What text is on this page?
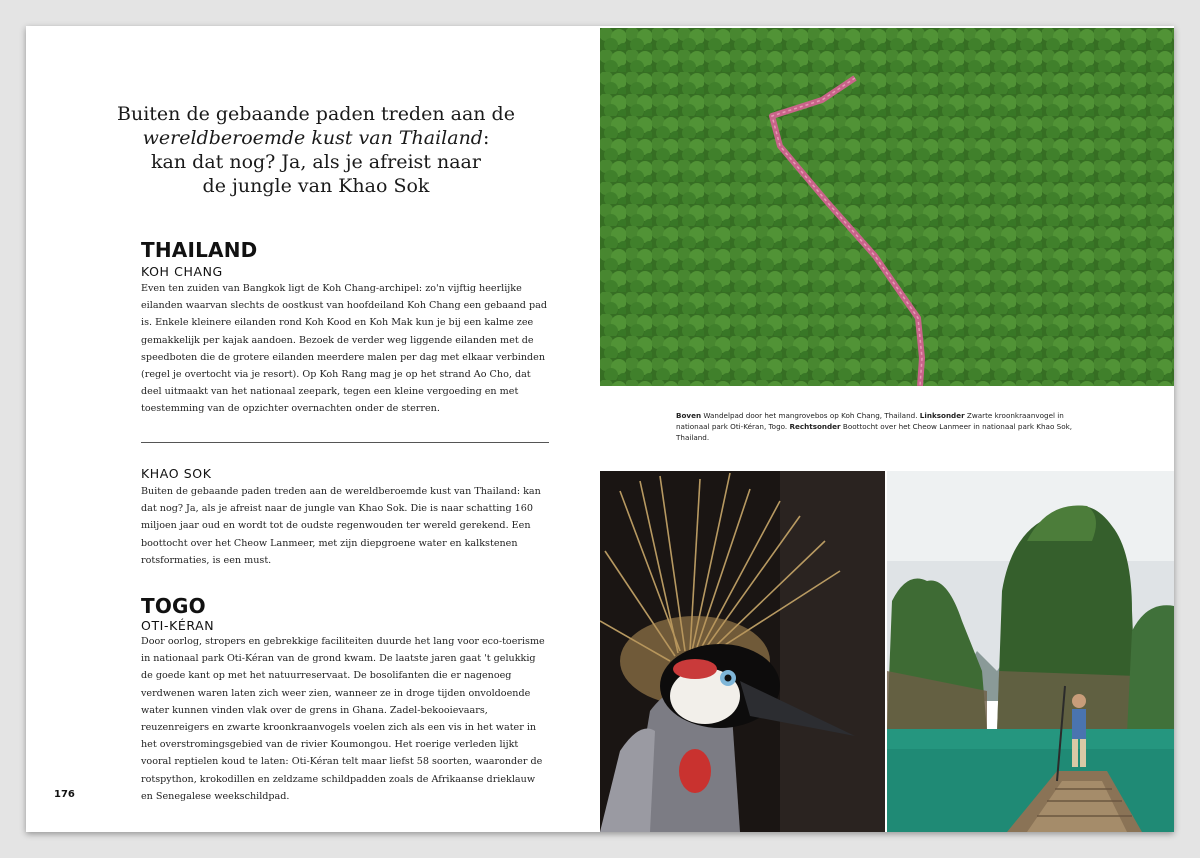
Buiten de gebaande paden treden aan de
wereldberoemde kust van Thailand:
kan dat nog? Ja, als je afreist naar
de jungle van Khao Sok
THAILAND
KOH CHANG

Even ten zuiden van Bangkok ligt de Koh Chang-archipel: zo'n vijftig heerlijke eilanden waarvan slechts de oostkust van hoofdeiland Koh Chang een gebaand pad is. Enkele kleinere eilanden rond Koh Kood en Koh Mak kun je bij een kalme zee gemakkelijk per kajak aandoen. Bezoek de verder weg liggende eilanden met de speedboten die de grotere eilanden meerdere malen per dag met elkaar verbinden (regel je overtocht via je resort). Op Koh Rang mag je op het strand Ao Cho, dat deel uitmaakt van het nationaal zeepark, tegen een kleine vergoeding en met toestemming van de opzichter overnachten onder de sterren.

KHAO SOK

Buiten de gebaande paden treden aan de wereldberoemde kust van Thailand: kan dat nog? Ja, als je afreist naar de jungle van Khao Sok. Die is naar schatting 160 miljoen jaar oud en wordt tot de oudste regenwouden ter wereld gerekend. Een boottocht over het Cheow Lanmeer, met zijn diepgroene water en kalkstenen rotsformaties, is een must.

TOGO
OTI-KÉRAN

Door oorlog, stropers en gebrekkige faciliteiten duurde het lang voor eco-toerisme in nationaal park Oti-Kéran van de grond kwam. De laatste jaren gaat 't gelukkig de goede kant op met het natuurreservaat. De bosolifanten die er nagenoeg verdwenen waren laten zich weer zien, wanneer ze in droge tijden onvoldoende water kunnen vinden vlak over de grens in Ghana. Zadel-bekooievaars, reuzenreigers en zwarte kroonkraanvogels voelen zich als een vis in het water in het overstromingsgebied van de rivier Koumongou. Het roerige verleden lijkt vooral reptielen koud te laten: Oti-Kéran telt maar liefst 58 soorten, waaronder de rotspython, krokodillen en zeldzame schildpadden zoals de Afrikaanse drieklauw en Senegalese weekschildpad.

176

Boven Wandelpad door het mangrovebos op Koh Chang, Thailand. Linksonder Zwarte kroonkraanvogel in nationaal park Oti-Kéran, Togo. Rechtsonder Boottocht over het Cheow Lanmeer in nationaal park Khao Sok, Thailand.
